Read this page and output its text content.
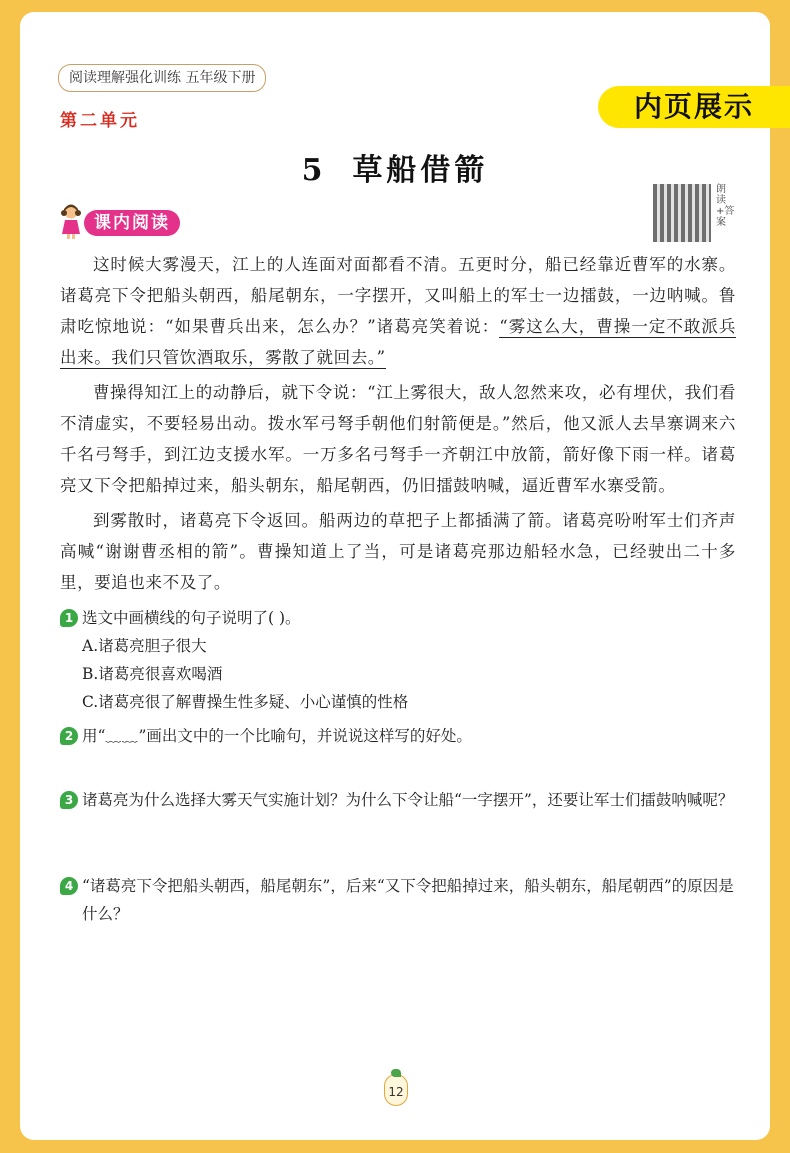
阅读理解强化训练 五年级下册
内页展示
第二单元
5 草船借箭
朗读+答案
课内阅读

这时候大雾漫天，江上的人连面对面都看不清。五更时分，船已经靠近曹军的水寨。诸葛亮下令把船头朝西，船尾朝东，一字摆开，又叫船上的军士一边擂鼓，一边呐喊。鲁肃吃惊地说：“如果曹兵出来，怎么办？”诸葛亮笑着说：“雾这么大，曹操一定不敢派兵出来。我们只管饮酒取乐，雾散了就回去。”

曹操得知江上的动静后，就下令说：“江上雾很大，敌人忽然来攻，必有埋伏，我们看不清虚实，不要轻易出动。拨水军弓弩手朝他们射箭便是。”然后，他又派人去旱寨调来六千名弓弩手，到江边支援水军。一万多名弓弩手一齐朝江中放箭，箭好像下雨一样。诸葛亮又下令把船掉过来，船头朝东，船尾朝西，仍旧擂鼓呐喊，逼近曹军水寨受箭。

到雾散时，诸葛亮下令返回。船两边的草把子上都插满了箭。诸葛亮吩咐军士们齐声高喊“谢谢曹丞相的箭”。曹操知道上了当，可是诸葛亮那边船轻水急，已经驶出二十多里，要追也来不及了。

1 选文中画横线的句子说明了( )。
A.诸葛亮胆子很大
B.诸葛亮很喜欢喝酒
C.诸葛亮很了解曹操生性多疑、小心谨慎的性格
2 用“﹏﹏”画出文中的一个比喻句，并说说这样写的好处。
3 诸葛亮为什么选择大雾天气实施计划？为什么下令让船“一字摆开”，还要让军士们擂鼓呐喊呢？
4 “诸葛亮下令把船头朝西，船尾朝东”，后来“又下令把船掉过来，船头朝东，船尾朝西”的原因是什么？
12
